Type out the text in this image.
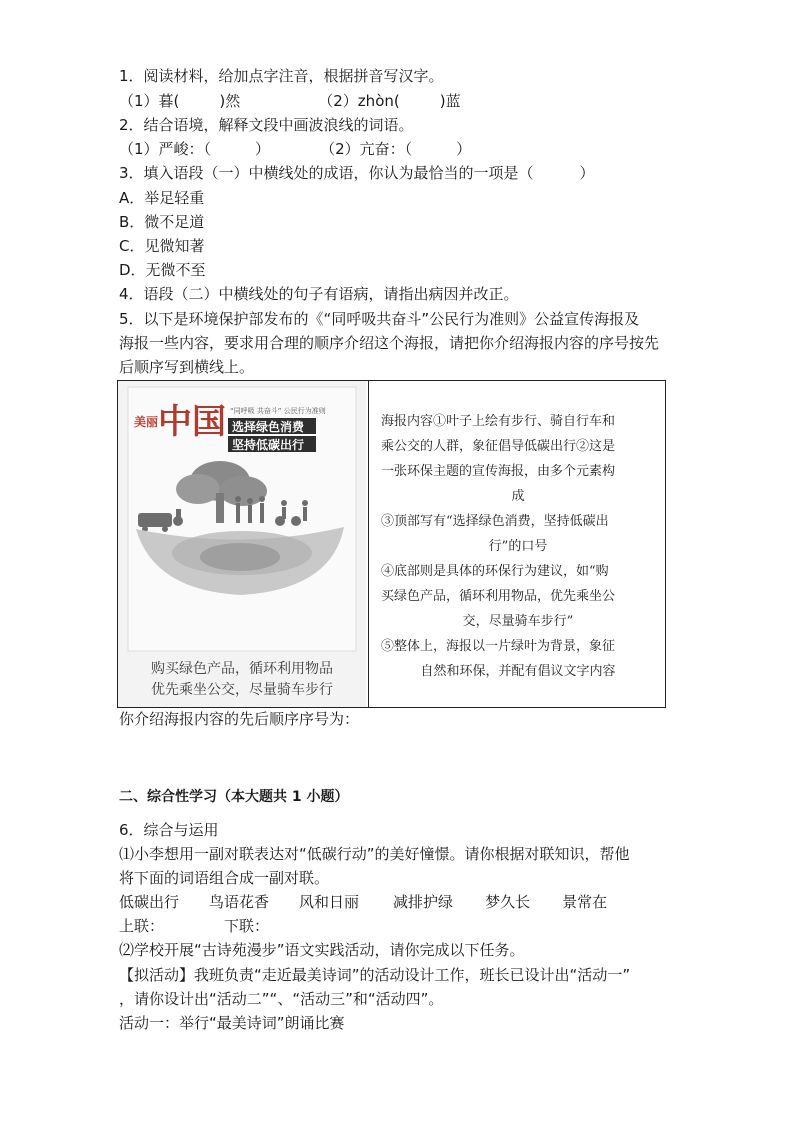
1．阅读材料，给加点字注音，根据拼音写汉字。
（1）暮(	)然	（2）zhòn(	)蓝
2．结合语境，解释文段中画波浪线的词语。
（1）严峻：（	）	（2）亢奋：（	）
3．填入语段（一）中横线处的成语，你认为最恰当的一项是（	）
A．举足轻重
B．微不足道
C．见微知著
D．无微不至
4．语段（二）中横线处的句子有语病，请指出病因并改正。
5．以下是环境保护部发布的《“同呼吸共奋斗”公民行为准则》公益宣传海报及
海报一些内容，要求用合理的顺序介绍这个海报，请把你介绍海报内容的序号按先
后顺序写到横线上。
美丽 中国 “同呼吸 共奋斗” 公民行为准则
选择绿色消费
坚持低碳出行
购买绿色产品，循环利用物品
优先乘坐公交，尽量骑车步行

海报内容①叶子上绘有步行、骑自行车和

乘公交的人群，象征倡导低碳出行②这是

一张环保主题的宣传海报，由多个元素构

成

③顶部写有“选择绿色消费，坚持低碳出

行”的口号

④底部则是具体的环保行为建议，如“购

买绿色产品，循环利用物品，优先乘坐公

交，尽量骑车步行”

⑤整体上，海报以一片绿叶为背景，象征

自然和环保，并配有倡议文字内容

你介绍海报内容的先后顺序序号为：
二、综合性学习（本大题共 1 小题）
6．综合与运用
⑴小李想用一副对联表达对“低碳行动”的美好憧憬。请你根据对联知识，帮他
将下面的词语组合成一副对联。
低碳出行 鸟语花香 风和日丽 减排护绿 梦久长 景常在
上联：	下联：
⑵学校开展“古诗苑漫步”语文实践活动，请你完成以下任务。
【拟活动】我班负责“走近最美诗词”的活动设计工作，班长已设计出“活动一”
，请你设计出“活动二”“、“活动三”和“活动四”。
活动一：举行“最美诗词”朗诵比赛
